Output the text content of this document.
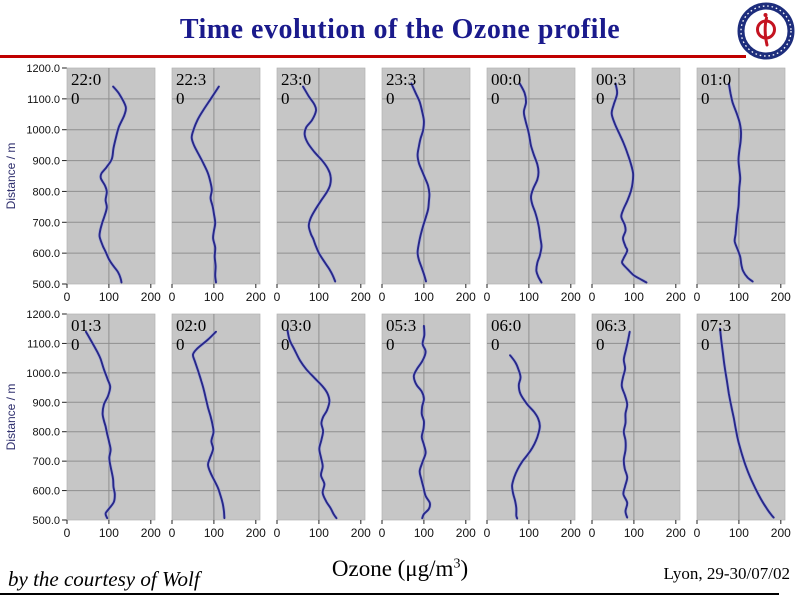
Time evolution of the Ozone profile
Distance / m
1200.0
1100.0
1000.0
900.0
800.0
700.0
600.0
500.0
22:0
0
0 100 200
22:3
0
0 100 200
23:0
0
0 100 200
23:3
0
0 100 200
00:0
0
0 100 200
00:3
0
0 100 200
01:0
0
0 100 200
Distance / m
1200.0
1100.0
1000.0
900.0
800.0
700.0
600.0
500.0
01:3
0
0 100 200
02:0
0
0 100 200
03:0
0
0 100 200
05:3
0
0 100 200
06:0
0
0 100 200
06:3
0
0 100 200
07:3
0
0 100 200
by the courtesy of Wolf	Ozone $(\mu g/m^3)$	Lyon, 29-30/07/02
